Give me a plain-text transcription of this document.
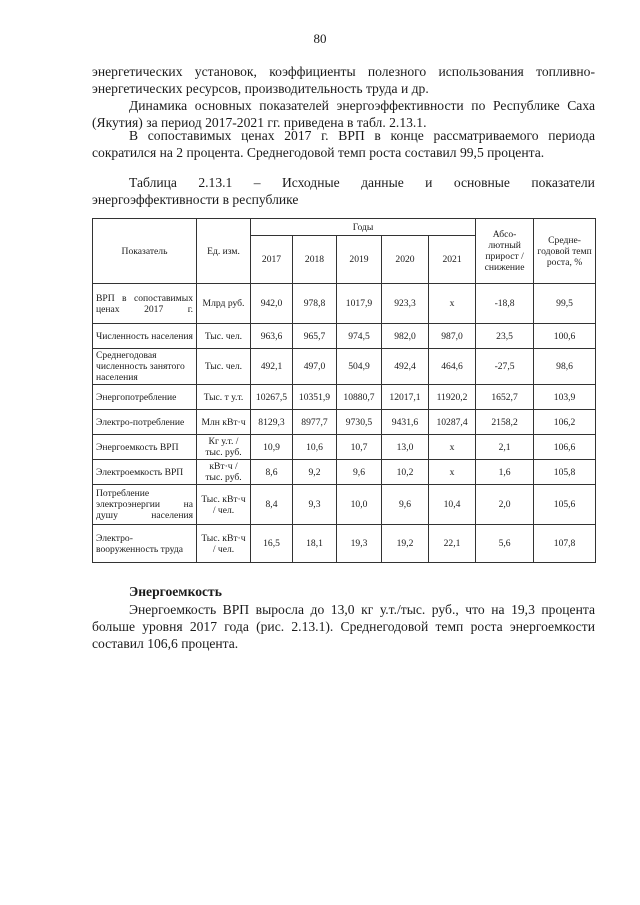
80

энергетических установок, коэффициенты полезного использования топливно-энергетических ресурсов, производительность труда и др.

Динамика основных показателей энергоэффективности по Республике Саха (Якутия) за период 2017-2021 гг. приведена в табл. 2.13.1.

В сопоставимых ценах 2017 г. ВРП в конце рассматриваемого периода сократился на 2 процента. Среднегодовой темп роста составил 99,5 процента.

Таблица 2.13.1 – Исходные данные и основные показатели
энергоэффективности в республике
Показатель	Ед. изм.	Годы					Абсо-лютный прирост / снижение	Средне-годовой темп роста, %
		2017	2018	2019	2020	2021		
ВРП в сопоставимых ценах 2017 г.	Млрд руб.	942,0	978,8	1017,9	923,3	х	-18,8	99,5
Численность населения	Тыс. чел.	963,6	965,7	974,5	982,0	987,0	23,5	100,6
Среднегодовая численность занятого населения	Тыс. чел.	492,1	497,0	504,9	492,4	464,6	-27,5	98,6
Энергопотребление	Тыс. т у.т.	10267,5	10351,9	10880,7	12017,1	11920,2	1652,7	103,9
Электро-потребление	Млн кВт·ч	8129,3	8977,7	9730,5	9431,6	10287,4	2158,2	106,2
Энергоемкость ВРП	Кг у.т. / тыс. руб.	10,9	10,6	10,7	13,0	х	2,1	106,6
Электроемкость ВРП	кВт·ч / тыс. руб.	8,6	9,2	9,6	10,2	х	1,6	105,8
Потребление электроэнергии на душу населения	Тыс. кВт·ч / чел.	8,4	9,3	10,0	9,6	10,4	2,0	105,6
Электро-вооруженность труда	Тыс. кВт·ч / чел.	16,5	18,1	19,3	19,2	22,1	5,6	107,8

Энергоемкость

Энергоемкость ВРП выросла до 13,0 кг у.т./тыс. руб., что на 19,3 процента больше уровня 2017 года (рис. 2.13.1). Среднегодовой темп роста энергоемкости составил 106,6 процента.
